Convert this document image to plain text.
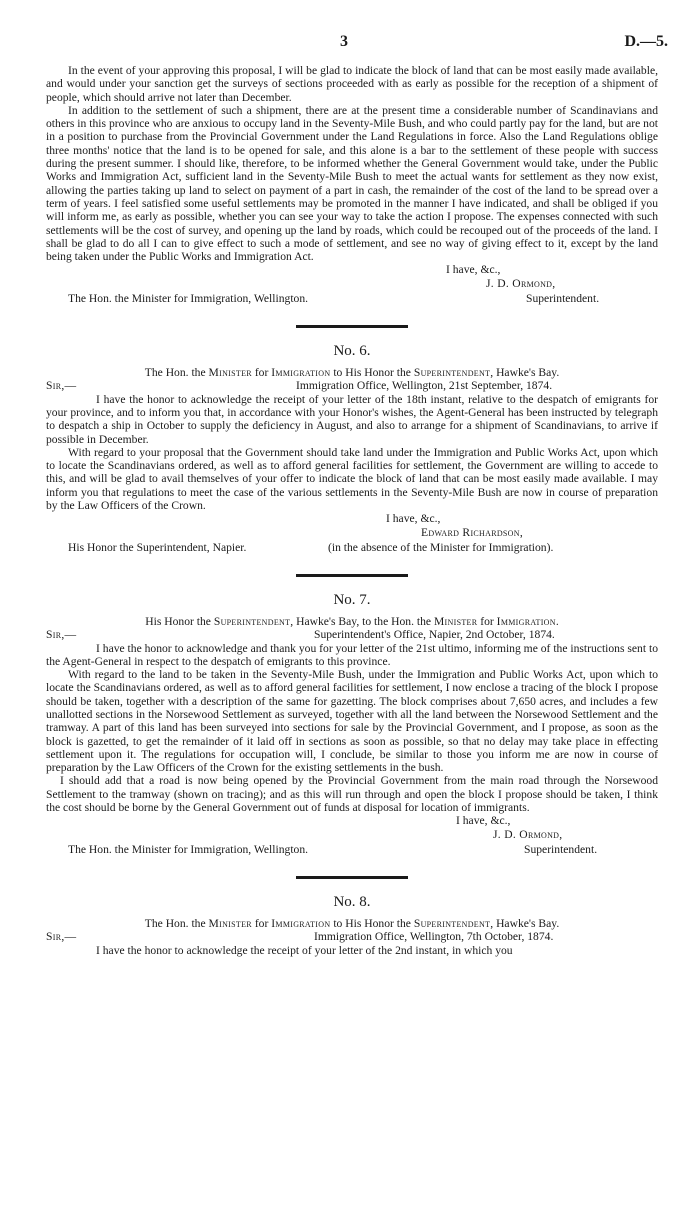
3	D.—5.

In the event of your approving this proposal, I will be glad to indicate the block of land that can be most easily made available, and would under your sanction get the surveys of sections proceeded with as early as possible for the reception of a shipment of people, which should arrive not later than December.

In addition to the settlement of such a shipment, there are at the present time a considerable number of Scandinavians and others in this province who are anxious to occupy land in the Seventy-Mile Bush, and who could partly pay for the land, but are not in a position to purchase from the Provincial Government under the Land Regulations in force. Also the Land Regulations oblige three months' notice that the land is to be opened for sale, and this alone is a bar to the settlement of these people with success during the present summer. I should like, therefore, to be informed whether the General Government would take, under the Public Works and Immigration Act, sufficient land in the Seventy-Mile Bush to meet the actual wants for settlement as they now exist, allowing the parties taking up land to select on payment of a part in cash, the remainder of the cost of the land to be spread over a term of years. I feel satisfied some useful settlements may be promoted in the manner I have indicated, and shall be obliged if you will inform me, as early as possible, whether you can see your way to take the action I propose. The expenses connected with such settlements will be the cost of survey, and opening up the land by roads, which could be recouped out of the proceeds of the land. I shall be glad to do all I can to give effect to such a mode of settlement, and see no way of giving effect to it, except by the land being taken under the Public Works and Immigration Act.

I have, &c.,
J. D. Ormond,
The Hon. the Minister for Immigration, Wellington.	Superintendent.
No. 6.
The Hon. the Minister for Immigration to His Honor the Superintendent, Hawke's Bay.
Sir,—	Immigration Office, Wellington, 21st September, 1874.

I have the honor to acknowledge the receipt of your letter of the 18th instant, relative to the despatch of emigrants for your province, and to inform you that, in accordance with your Honor's wishes, the Agent-General has been instructed by telegraph to despatch a ship in October to supply the deficiency in August, and also to arrange for a shipment of Scandinavians, to arrive if possible in December.

With regard to your proposal that the Government should take land under the Immigration and Public Works Act, upon which to locate the Scandinavians ordered, as well as to afford general facilities for settlement, the Government are willing to accede to this, and will be glad to avail themselves of your offer to indicate the block of land that can be most easily made available. I may inform you that regulations to meet the case of the various settlements in the Seventy-Mile Bush are now in course of preparation by the Law Officers of the Crown.

I have, &c.,
Edward Richardson,
His Honor the Superintendent, Napier.	(in the absence of the Minister for Immigration).
No. 7.
His Honor the Superintendent, Hawke's Bay, to the Hon. the Minister for Immigration.
Sir,—	Superintendent's Office, Napier, 2nd October, 1874.

I have the honor to acknowledge and thank you for your letter of the 21st ultimo, informing me of the instructions sent to the Agent-General in respect to the despatch of emigrants to this province.

With regard to the land to be taken in the Seventy-Mile Bush, under the Immigration and Public Works Act, upon which to locate the Scandinavians ordered, as well as to afford general facilities for settlement, I now enclose a tracing of the block I propose should be taken, together with a description of the same for gazetting. The block comprises about 7,650 acres, and includes a few unallotted sections in the Norsewood Settlement as surveyed, together with all the land between the Norsewood Settlement and the tramway. A part of this land has been surveyed into sections for sale by the Provincial Government, and I propose, as soon as the block is gazetted, to get the remainder of it laid off in sections as soon as possible, so that no delay may take place in effecting settlement upon it. The regulations for occupation will, I conclude, be similar to those you inform me are now in course of preparation by the Law Officers of the Crown for the existing settlements in the bush.

I should add that a road is now being opened by the Provincial Government from the main road through the Norsewood Settlement to the tramway (shown on tracing); and as this will run through and open the block I propose should be taken, I think the cost should be borne by the General Government out of funds at disposal for location of immigrants.

I have, &c.,
J. D. Ormond,
The Hon. the Minister for Immigration, Wellington.	Superintendent.
No. 8.
The Hon. the Minister for Immigration to His Honor the Superintendent, Hawke's Bay.
Sir,—	Immigration Office, Wellington, 7th October, 1874.

I have the honor to acknowledge the receipt of your letter of the 2nd instant, in which you
